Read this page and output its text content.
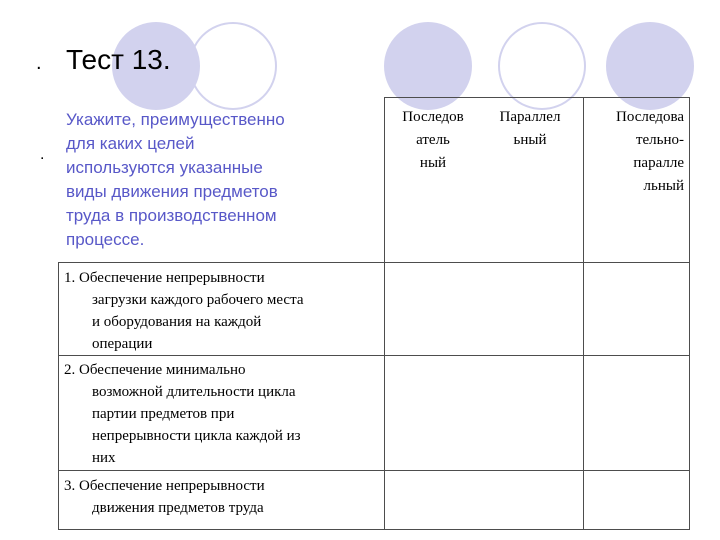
. Тест 13.
.
Укажите, преимущественно
для каких целей
используются указанные
виды движения предметов
труда в производственном
процессе.
Последов
атель
ный
Параллел
ьный
Последова
тельно-
паралле
льный
1. Обеспечение непрерывности
загрузки каждого рабочего места
и оборудования на каждой
операции
2. Обеспечение минимально
возможной длительности цикла
партии предметов при
непрерывности цикла каждой из
них
3. Обеспечение непрерывности
движения предметов труда
